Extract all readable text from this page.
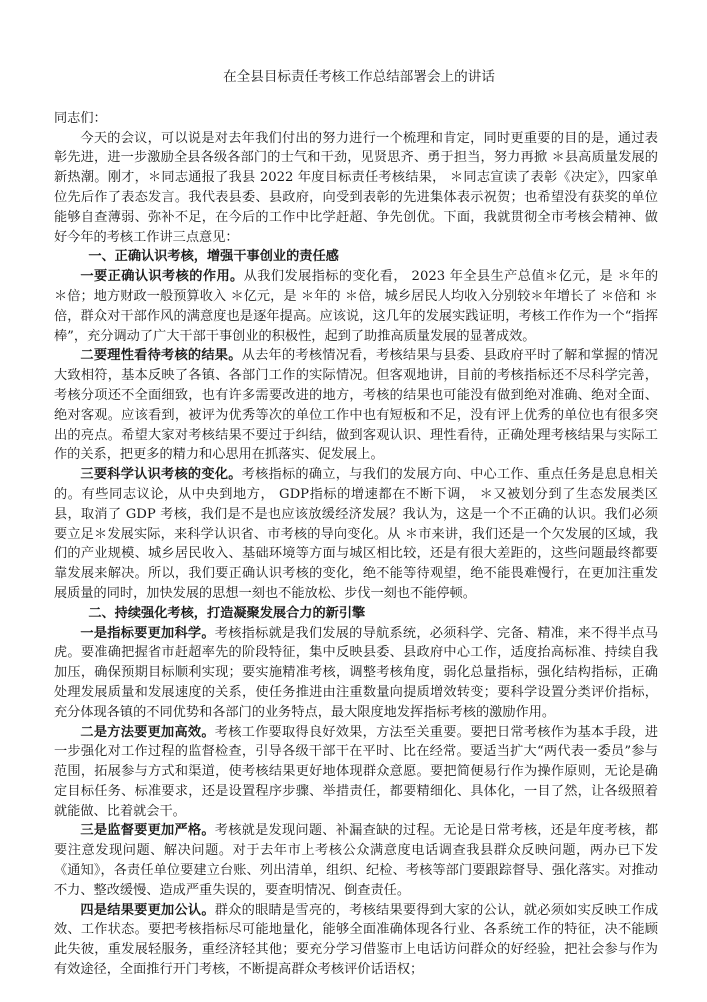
在全县目标责任考核工作总结部署会上的讲话

同志们：

今天的会议，可以说是对去年我们付出的努力进行一个梳理和肯定，同时更重要的目的是，通过表彰先进，进一步激励全县各级各部门的士气和干劲，见贤思齐、勇于担当，努力再掀 ＊县高质量发展的新热潮。刚才，＊同志通报了我县 2022 年度目标责任考核结果， ＊同志宣读了表彰《决定》，四家单位先后作了表态发言。我代表县委、县政府，向受到表彰的先进集体表示祝贺；也希望没有获奖的单位能够自查薄弱、弥补不足，在今后的工作中比学赶超、争先创优。下面，我就贯彻全市考核会精神、做好今年的考核工作讲三点意见：

一、正确认识考核，增强干事创业的责任感

一要正确认识考核的作用。从我们发展指标的变化看， 2023 年全县生产总值＊亿元，是 ＊年的 ＊倍；地方财政一般预算收入 ＊亿元，是 ＊年的 ＊倍，城乡居民人均收入分别较＊年增长了 ＊倍和 ＊倍，群众对干部作风的满意度也是逐年提高。应该说，这几年的发展实践证明，考核工作作为一个“指挥棒”，充分调动了广大干部干事创业的积极性，起到了助推高质量发展的显著成效。

二要理性看待考核的结果。从去年的考核情况看，考核结果与县委、县政府平时了解和掌握的情况大致相符，基本反映了各镇、各部门工作的实际情况。但客观地讲，目前的考核指标还不尽科学完善，考核分项还不全面细致，也有许多需要改进的地方，考核的结果也可能没有做到绝对准确、绝对全面、绝对客观。应该看到，被评为优秀等次的单位工作中也有短板和不足，没有评上优秀的单位也有很多突出的亮点。希望大家对考核结果不要过于纠结，做到客观认识、理性看待，正确处理考核结果与实际工作的关系，把更多的精力和心思用在抓落实、促发展上。

三要科学认识考核的变化。考核指标的确立，与我们的发展方向、中心工作、重点任务是息息相关的。有些同志议论，从中央到地方， GDP指标的增速都在不断下调， ＊又被划分到了生态发展类区县，取消了 GDP 考核，我们是不是也应该放缓经济发展？我认为，这是一个不正确的认识。我们必须要立足＊发展实际，来科学认识省、市考核的导向变化。从 ＊市来讲，我们还是一个欠发展的区域，我们的产业规模、城乡居民收入、基础环境等方面与城区相比较，还是有很大差距的，这些问题最终都要靠发展来解决。所以，我们要正确认识考核的变化，绝不能等待观望，绝不能畏难慢行，在更加注重发展质量的同时，加快发展的思想一刻也不能放松、步伐一刻也不能停顿。

二、持续强化考核，打造凝聚发展合力的新引擎

一是指标要更加科学。考核指标就是我们发展的导航系统，必须科学、完备、精准，来不得半点马虎。要准确把握省市赶超率先的阶段特征，集中反映县委、县政府中心工作，适度抬高标准、持续自我加压，确保预期目标顺利实现；要实施精准考核，调整考核角度，弱化总量指标，强化结构指标，正确处理发展质量和发展速度的关系，使任务推进由注重数量向提质增效转变；要科学设置分类评价指标，充分体现各镇的不同优势和各部门的业务特点，最大限度地发挥指标考核的激励作用。

二是方法要更加高效。考核工作要取得良好效果，方法至关重要。要把日常考核作为基本手段，进一步强化对工作过程的监督检查，引导各级干部干在平时、比在经常。要适当扩大“两代表一委员”参与范围，拓展参与方式和渠道，使考核结果更好地体现群众意愿。要把简便易行作为操作原则，无论是确定目标任务、标准要求，还是设置程序步骤、举措责任，都要精细化、具体化，一目了然，让各级照着就能做、比着就会干。

三是监督要更加严格。考核就是发现问题、补漏查缺的过程。无论是日常考核，还是年度考核，都要注意发现问题、解决问题。对于去年市上考核公众满意度电话调查我县群众反映问题，两办已下发《通知》，各责任单位要建立台账、列出清单，组织、纪检、考核等部门要跟踪督导、强化落实。对推动不力、整改缓慢、造成严重失误的，要查明情况、倒查责任。

四是结果要更加公认。群众的眼睛是雪亮的，考核结果要得到大家的公认，就必须如实反映工作成效、工作状态。要把考核指标尽可能地量化，能够全面准确体现各行业、各系统工作的特征，决不能顾此失彼，重发展轻服务，重经济轻其他；要充分学习借鉴市上电话访问群众的好经验，把社会参与作为有效途径，全面推行开门考核，不断提高群众考核评价话语权；
